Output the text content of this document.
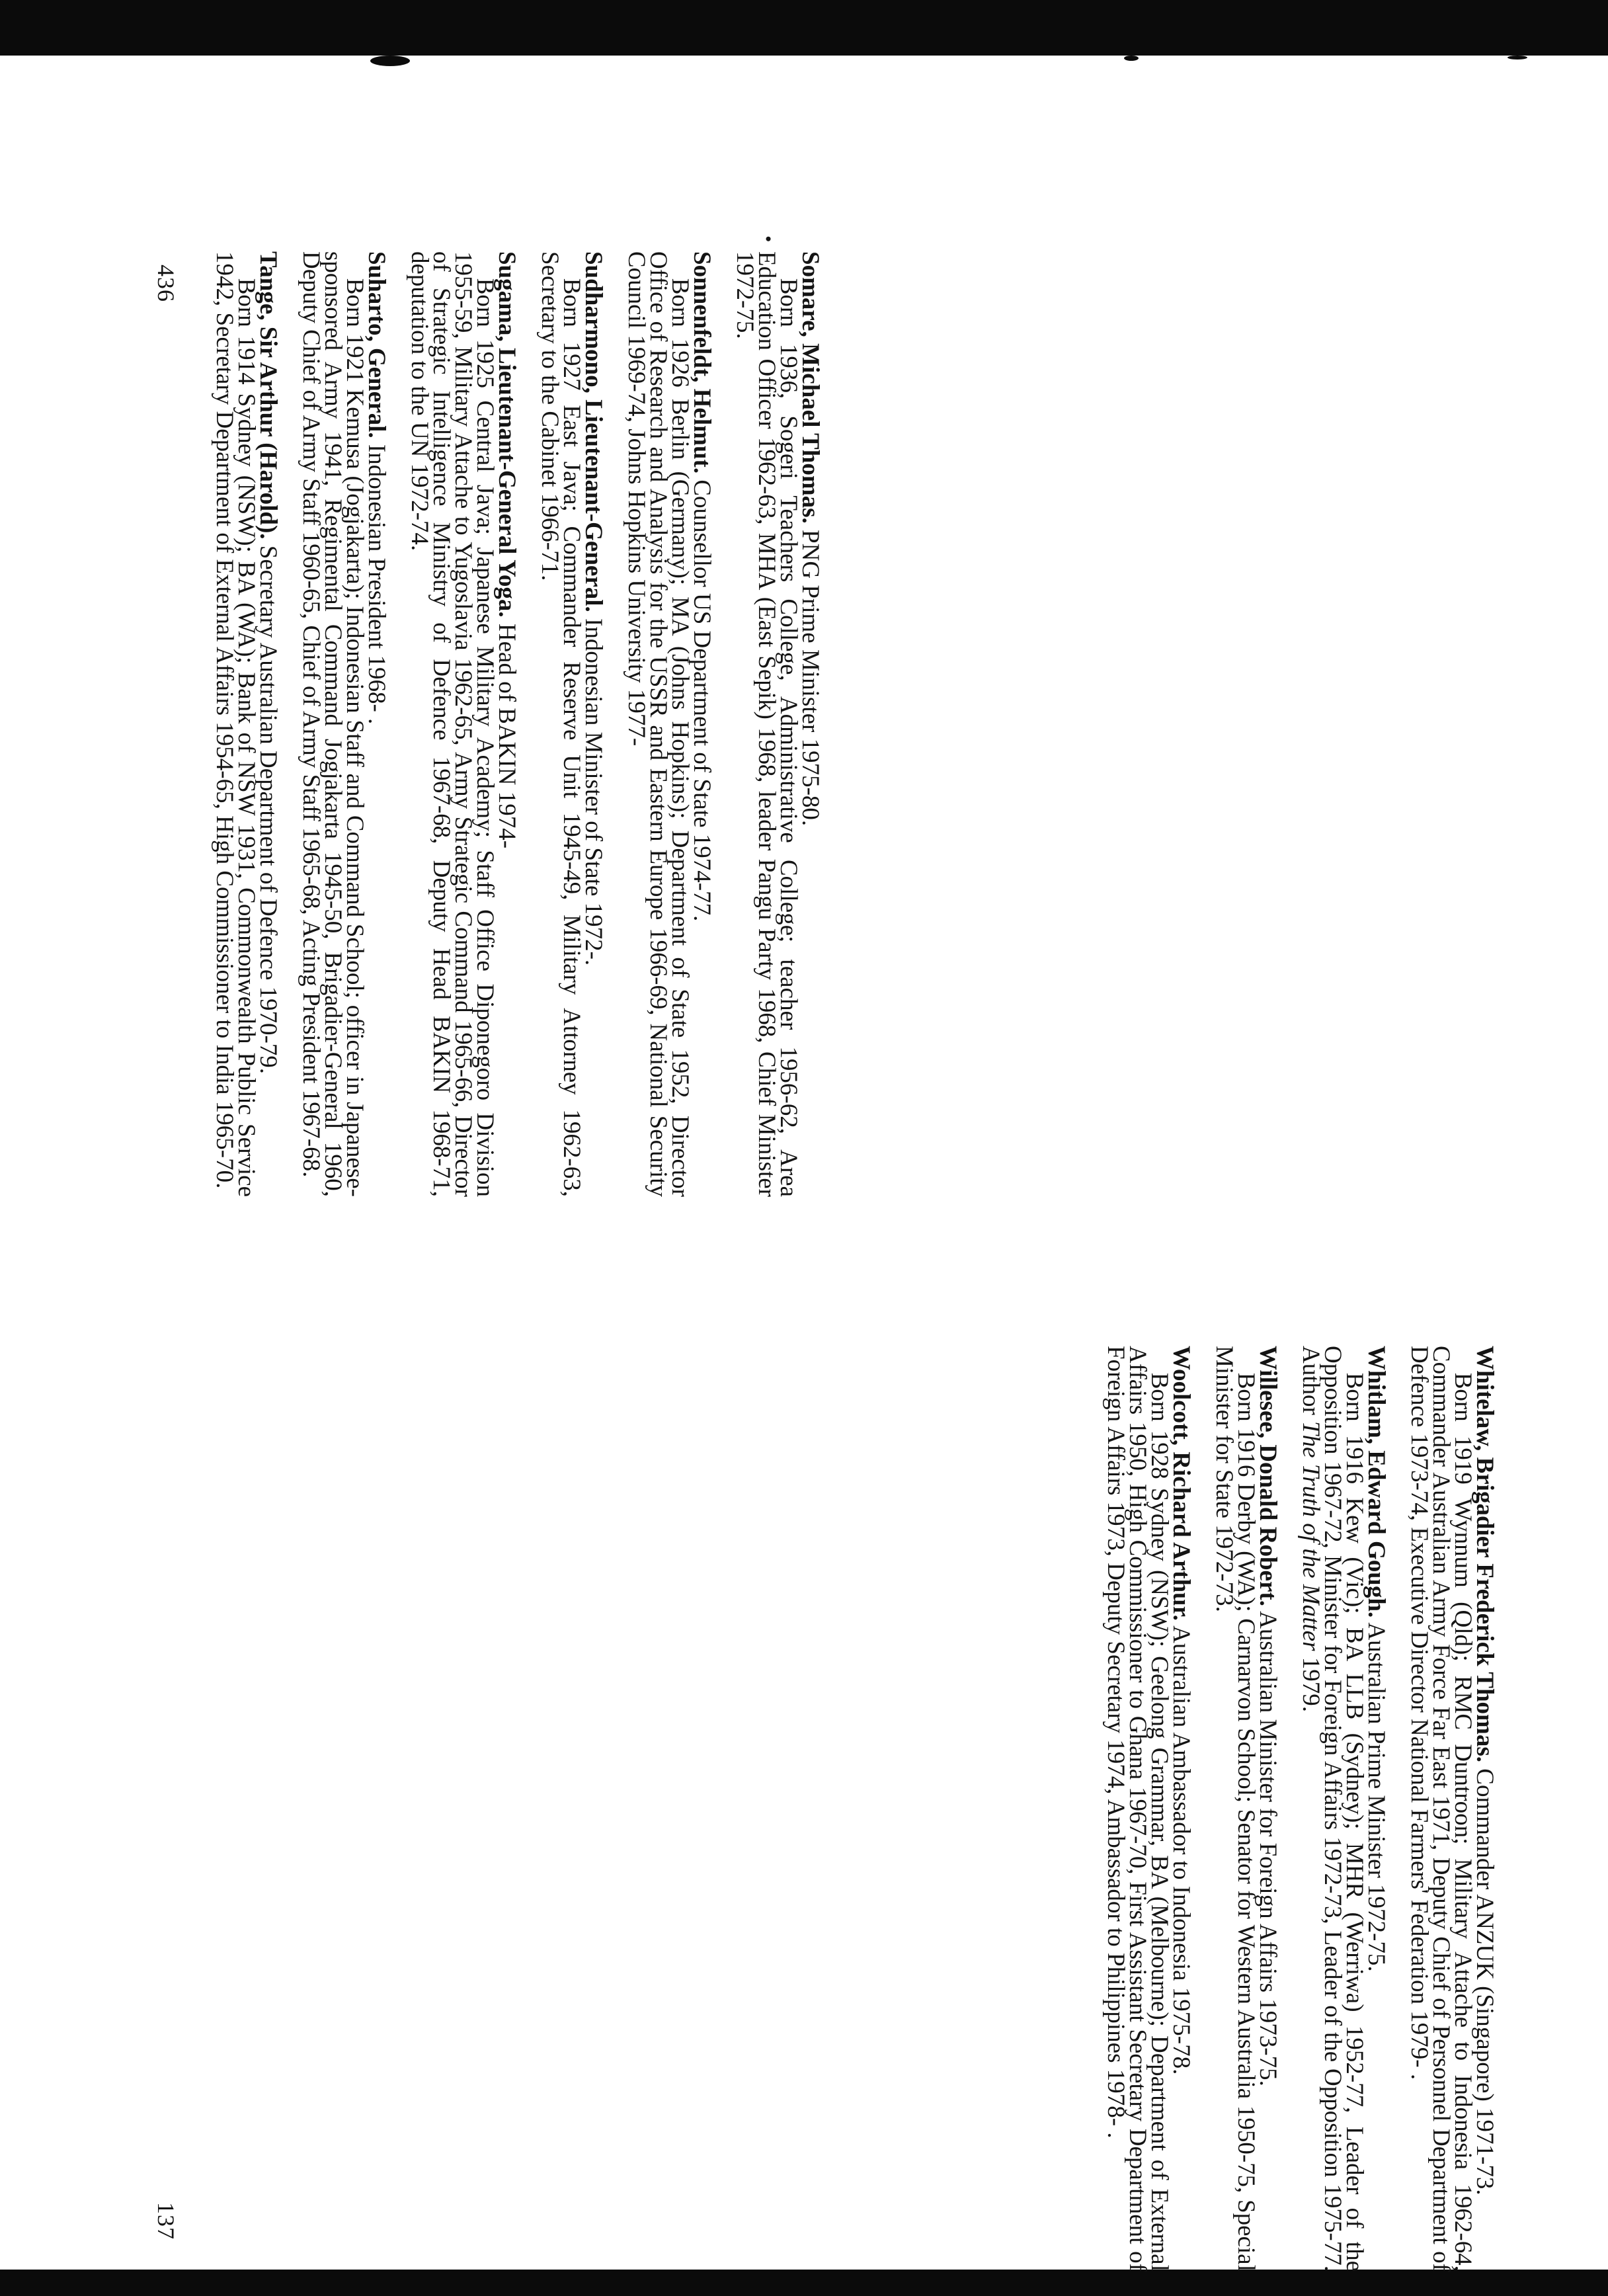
•

Somare, Michael Thomas. PNG Prime Minister 1975-80.

Born 1936, Sogeri Teachers College, Administrative College; teacher 1956-62, Area Education Officer 1962-63, MHA (East Sepik) 1968, leader Pangu Party 1968, Chief Minister 1972-75.

Sonnenfeldt, Helmut. Counsellor US Department of State 1974-77.

Born 1926 Berlin (Germany); MA (Johns Hopkins); Department of State 1952, Director Office of Research and Analysis for the USSR and Eastern Europe 1966-69, National Security Council 1969-74, Johns Hopkins University 1977-

Sudharmono, Lieutenant-General. Indonesian Minister of State 1972-.

Born 1927 East Java; Commander Reserve Unit 1945-49, Military Attorney 1962-63, Secretary to the Cabinet 1966-71.

Sugama, Lieutenant-General Yoga. Head of BAKIN 1974-

Born 1925 Central Java; Japanese Military Academy; Staff Office Diponegoro Division 1955-59, Military Attache to Yugoslavia 1962-65, Army Strategic Command 1965-66, Director of Strategic Intelligence Ministry of Defence 1967-68, Deputy Head BAKIN 1968-71, deputation to the UN 1972-74.

Suharto, General. Indonesian President 1968- .

Born 1921 Kemusa (Jogjakarta); Indonesian Staff and Command School; officer in Japanese-sponsored Army 1941, Regimental Command Jogjakarta 1945-50, Brigadier-General 1960, Deputy Chief of Army Staff 1960-65, Chief of Army Staff 1965-68, Acting President 1967-68.

Tange, Sir Arthur (Harold). Secretary Australian Department of Defence 1970-79.

Born 1914 Sydney (NSW); BA (WA); Bank of NSW 1931, Commonwealth Public Service 1942, Secretary Department of External Affairs 1954-65, High Commissioner to India 1965-70.

Whitelaw, Brigadier Frederick Thomas. Commander ANZUK (Singapore) 1971-73.

Born 1919 Wynnum (Qld); RMC Duntroon; Military Attache to Indonesia 1962-64, Commander Australian Army Force Far East 1971, Deputy Chief of Personnel Department of Defence 1973-74, Executive Director National Farmers' Federation 1979- .

Whitlam, Edward Gough. Australian Prime Minister 1972-75.

Born 1916 Kew (Vic); BA LLB (Sydney); MHR (Werriwa) 1952-77, Leader of the Opposition 1967-72, Minister for Foreign Affairs 1972-73, Leader of the Opposition 1975-77. Author The Truth of the Matter 1979.

Willesee, Donald Robert. Australian Minister for Foreign Affairs 1973-75.

Born 1916 Derby (WA); Carnarvon School; Senator for Western Australia 1950-75, Special Minister for State 1972-73.

Woolcott, Richard Arthur. Australian Ambassador to Indonesia 1975-78.

Born 1928 Sydney (NSW); Geelong Grammar, BA (Melbourne); Department of External Affairs 1950, High Commissioner to Ghana 1967-70, First Assistant Secretary Department of Foreign Affairs 1973, Deputy Secretary 1974, Ambassador to Philippines 1978- .

436
137
